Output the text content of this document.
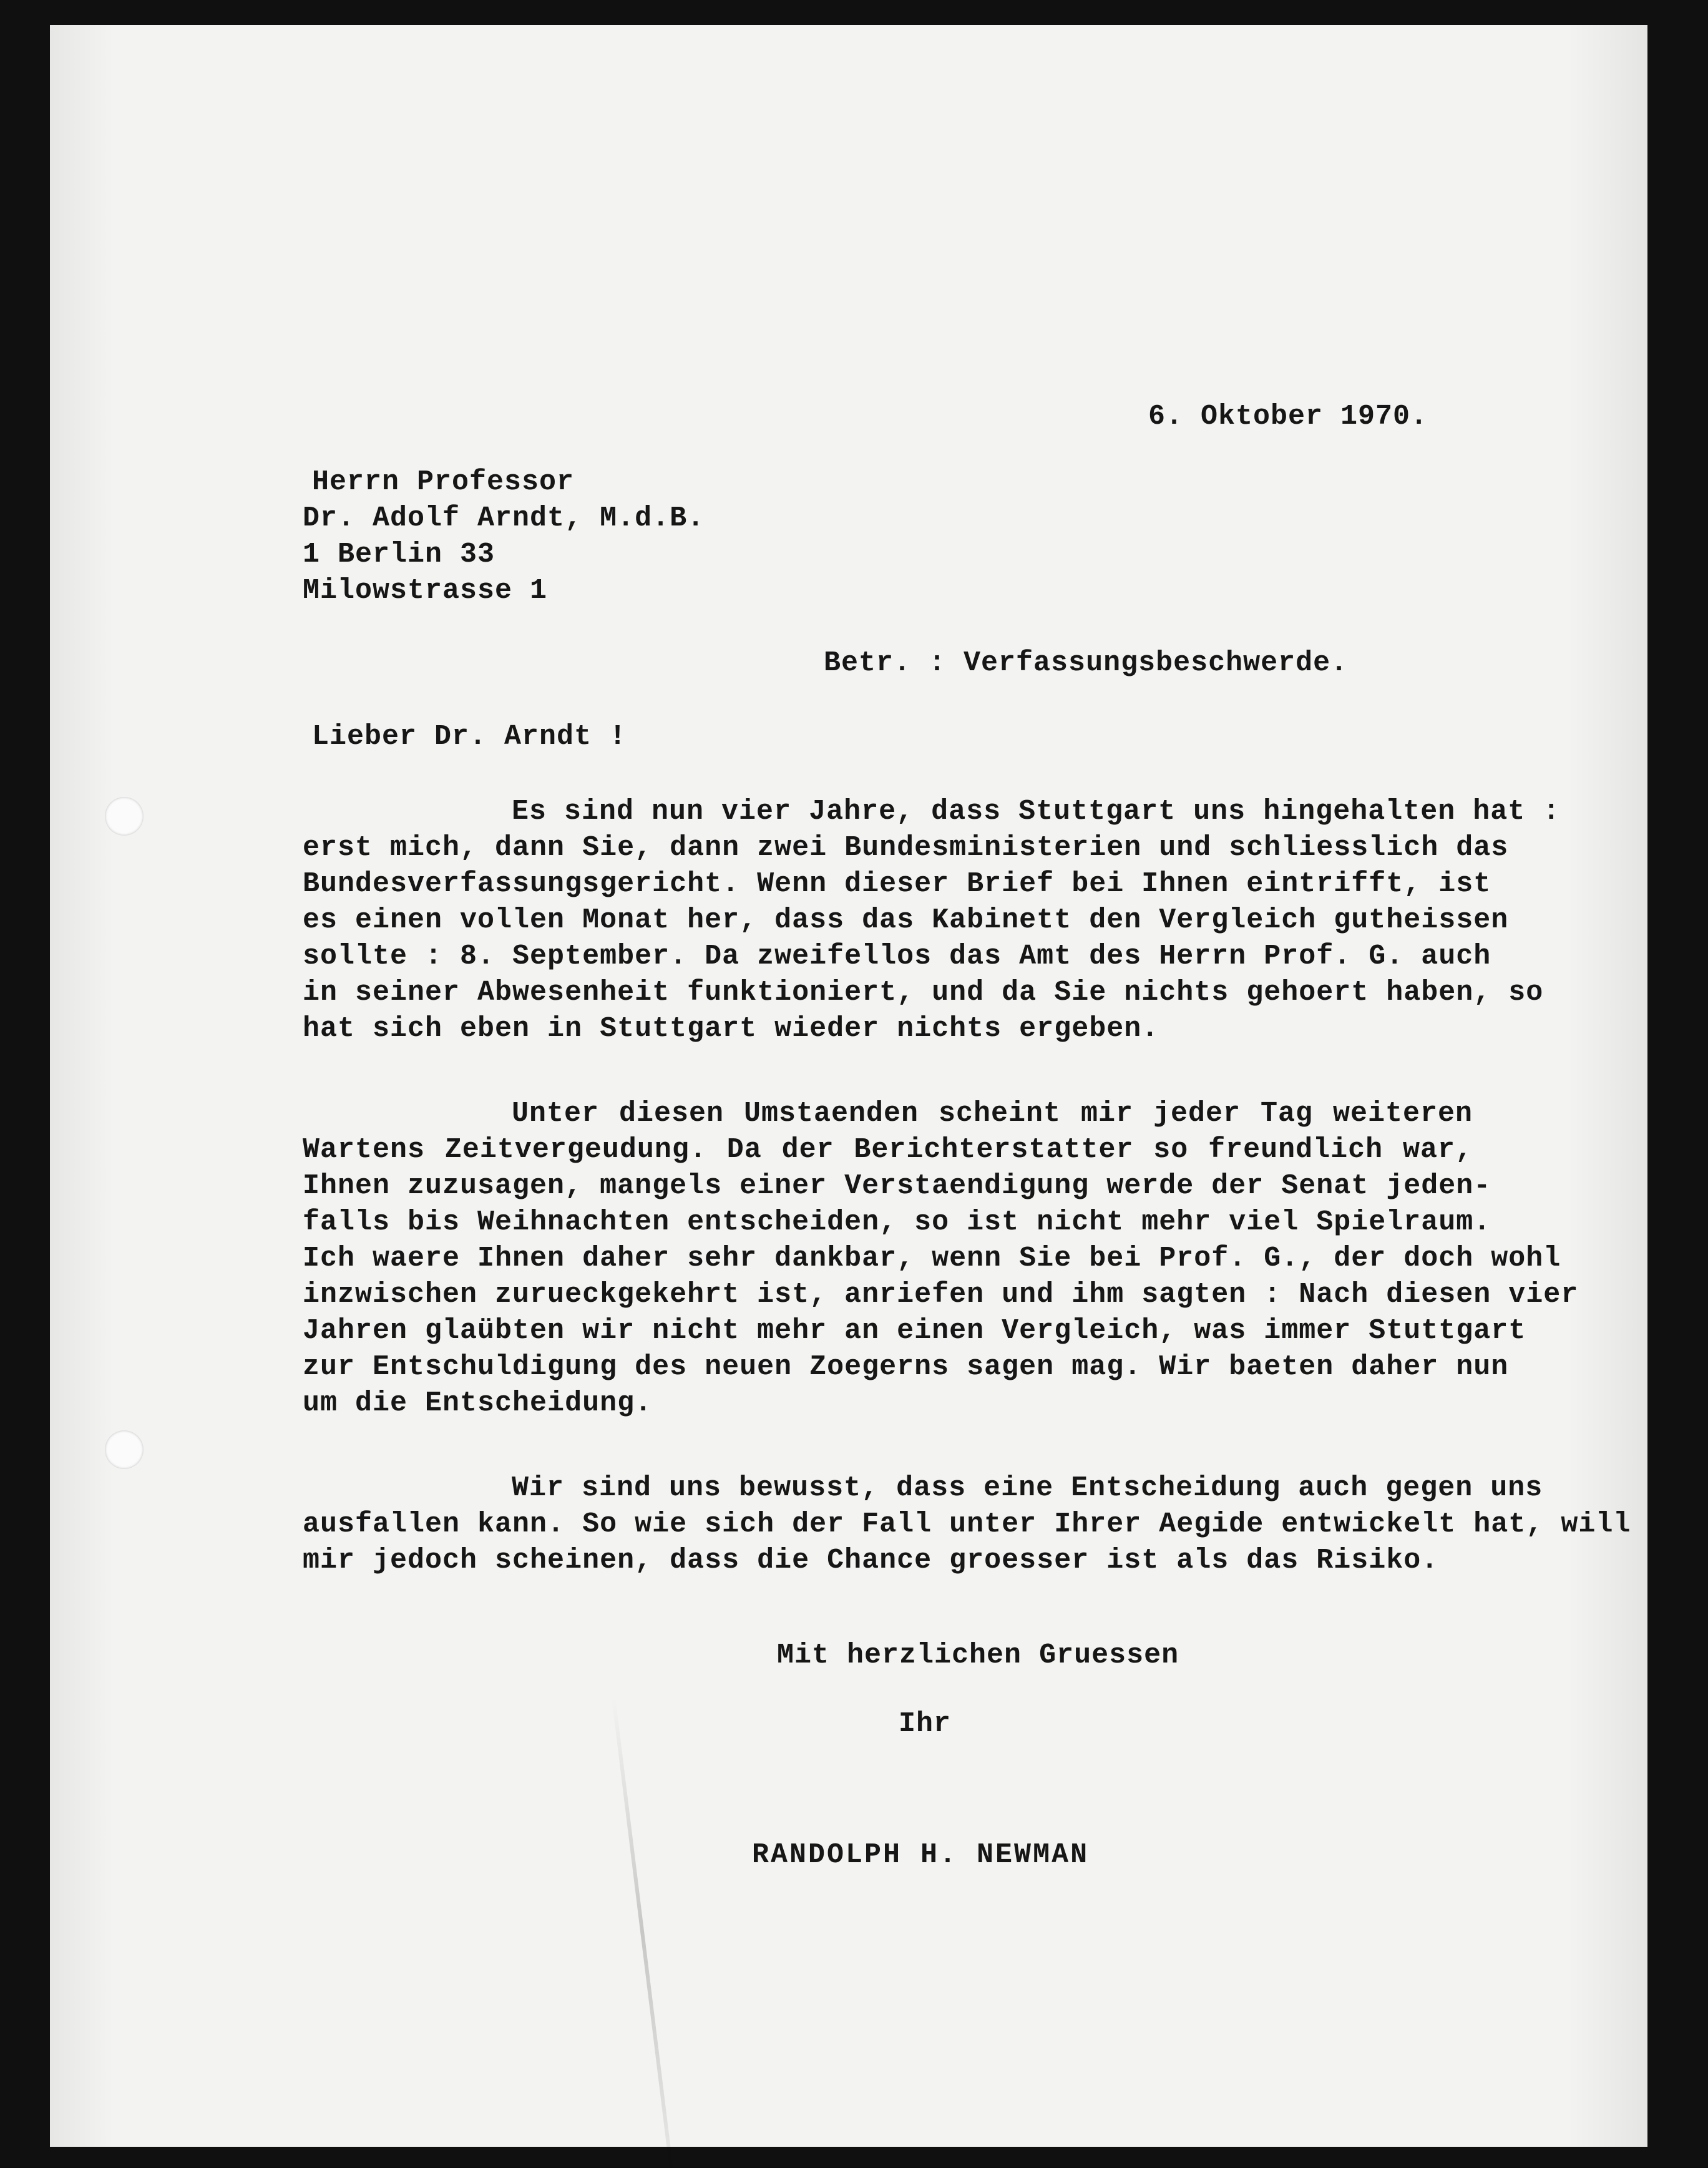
6. Oktober 1970.
Herrn Professor
Dr. Adolf Arndt, M.d.B.
1 Berlin 33
Milowstrasse 1
Betr. : Verfassungsbeschwerde.
Lieber Dr. Arndt !
Es sind nun vier Jahre, dass Stuttgart uns hingehalten hat :
erst mich, dann Sie, dann zwei Bundesministerien und schliesslich das
Bundesverfassungsgericht. Wenn dieser Brief bei Ihnen eintrifft, ist
es einen vollen Monat her, dass das Kabinett den Vergleich gutheissen
sollte : 8. September. Da zweifellos das Amt des Herrn Prof. G. auch
in seiner Abwesenheit funktioniert, und da Sie nichts gehoert haben, so
hat sich eben in Stuttgart wieder nichts ergeben.
Unter diesen Umstaenden scheint mir jeder Tag weiteren
Wartens Zeitvergeudung. Da der Berichterstatter so freundlich war,
Ihnen zuzusagen, mangels einer Verstaendigung werde der Senat jeden-
falls bis Weihnachten entscheiden, so ist nicht mehr viel Spielraum.
Ich waere Ihnen daher sehr dankbar, wenn Sie bei Prof. G., der doch wohl
inzwischen zurueckgekehrt ist, anriefen und ihm sagten : Nach diesen vier
Jahren glaübten wir nicht mehr an einen Vergleich, was immer Stuttgart
zur Entschuldigung des neuen Zoegerns sagen mag. Wir baeten daher nun
um die Entscheidung.
Wir sind uns bewusst, dass eine Entscheidung auch gegen uns
ausfallen kann. So wie sich der Fall unter Ihrer Aegide entwickelt hat, will
mir jedoch scheinen, dass die Chance groesser ist als das Risiko.
Mit herzlichen Gruessen
Ihr
RANDOLPH H. NEWMAN
